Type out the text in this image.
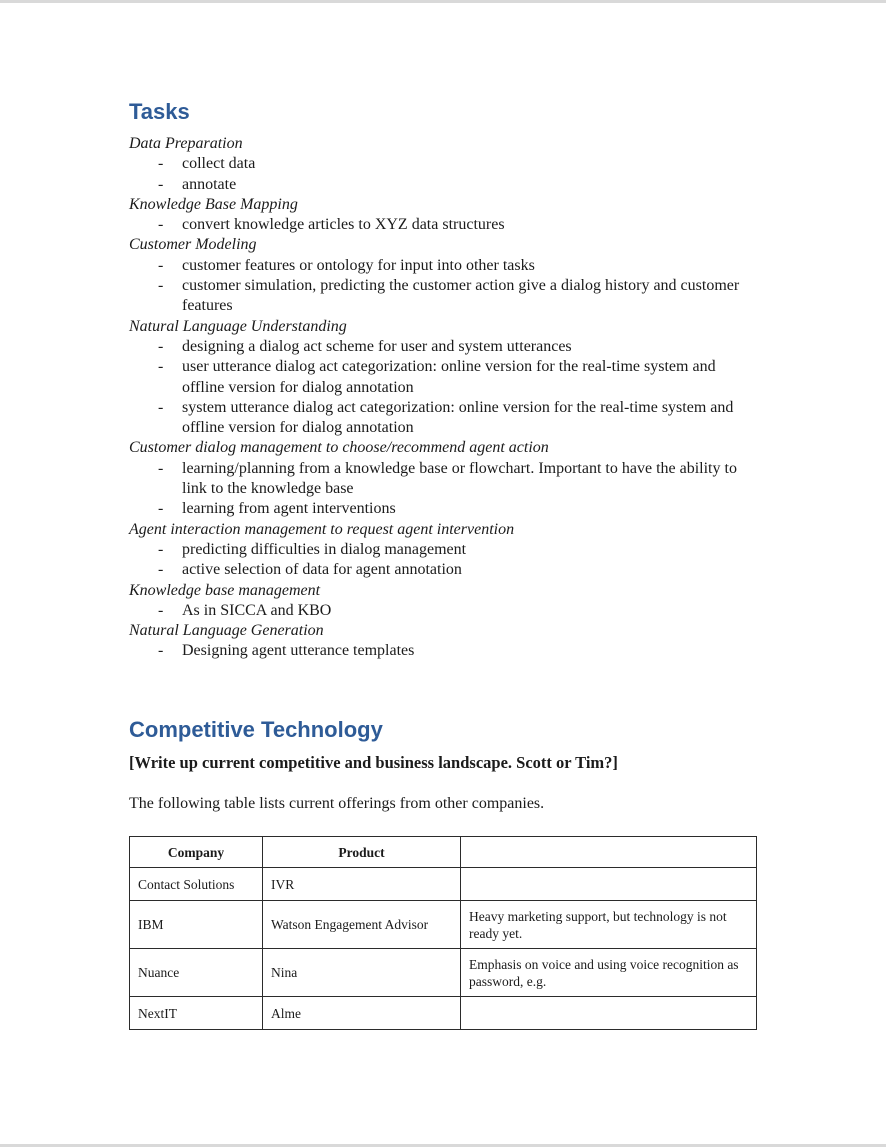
Tasks
Data Preparation
-	collect data
-	annotate
Knowledge Base Mapping
-	convert knowledge articles to XYZ data structures
Customer Modeling
-	customer features or ontology for input into other tasks
-	customer simulation, predicting the customer action give a dialog history and customer features
Natural Language Understanding
-	designing a dialog act scheme for user and system utterances
-	user utterance dialog act categorization: online version for the real-time system and offline version for dialog annotation
-	system utterance dialog act categorization: online version for the real-time system and offline version for dialog annotation
Customer dialog management to choose/recommend agent action
-	learning/planning from a knowledge base or flowchart. Important to have the ability to link to the knowledge base
-	learning from agent interventions
Agent interaction management to request agent intervention
-	predicting difficulties in dialog management
-	active selection of data for agent annotation
Knowledge base management
-	As in SICCA and KBO
Natural Language Generation
-	Designing agent utterance templates
Competitive Technology

[Write up current competitive and business landscape. Scott or Tim?]

The following table lists current offerings from other companies.

Company	Product	
Contact Solutions	IVR	
IBM	Watson Engagement Advisor	Heavy marketing support, but technology is not ready yet.
Nuance	Nina	Emphasis on voice and using voice recognition as password, e.g.
NextIT	Alme	
